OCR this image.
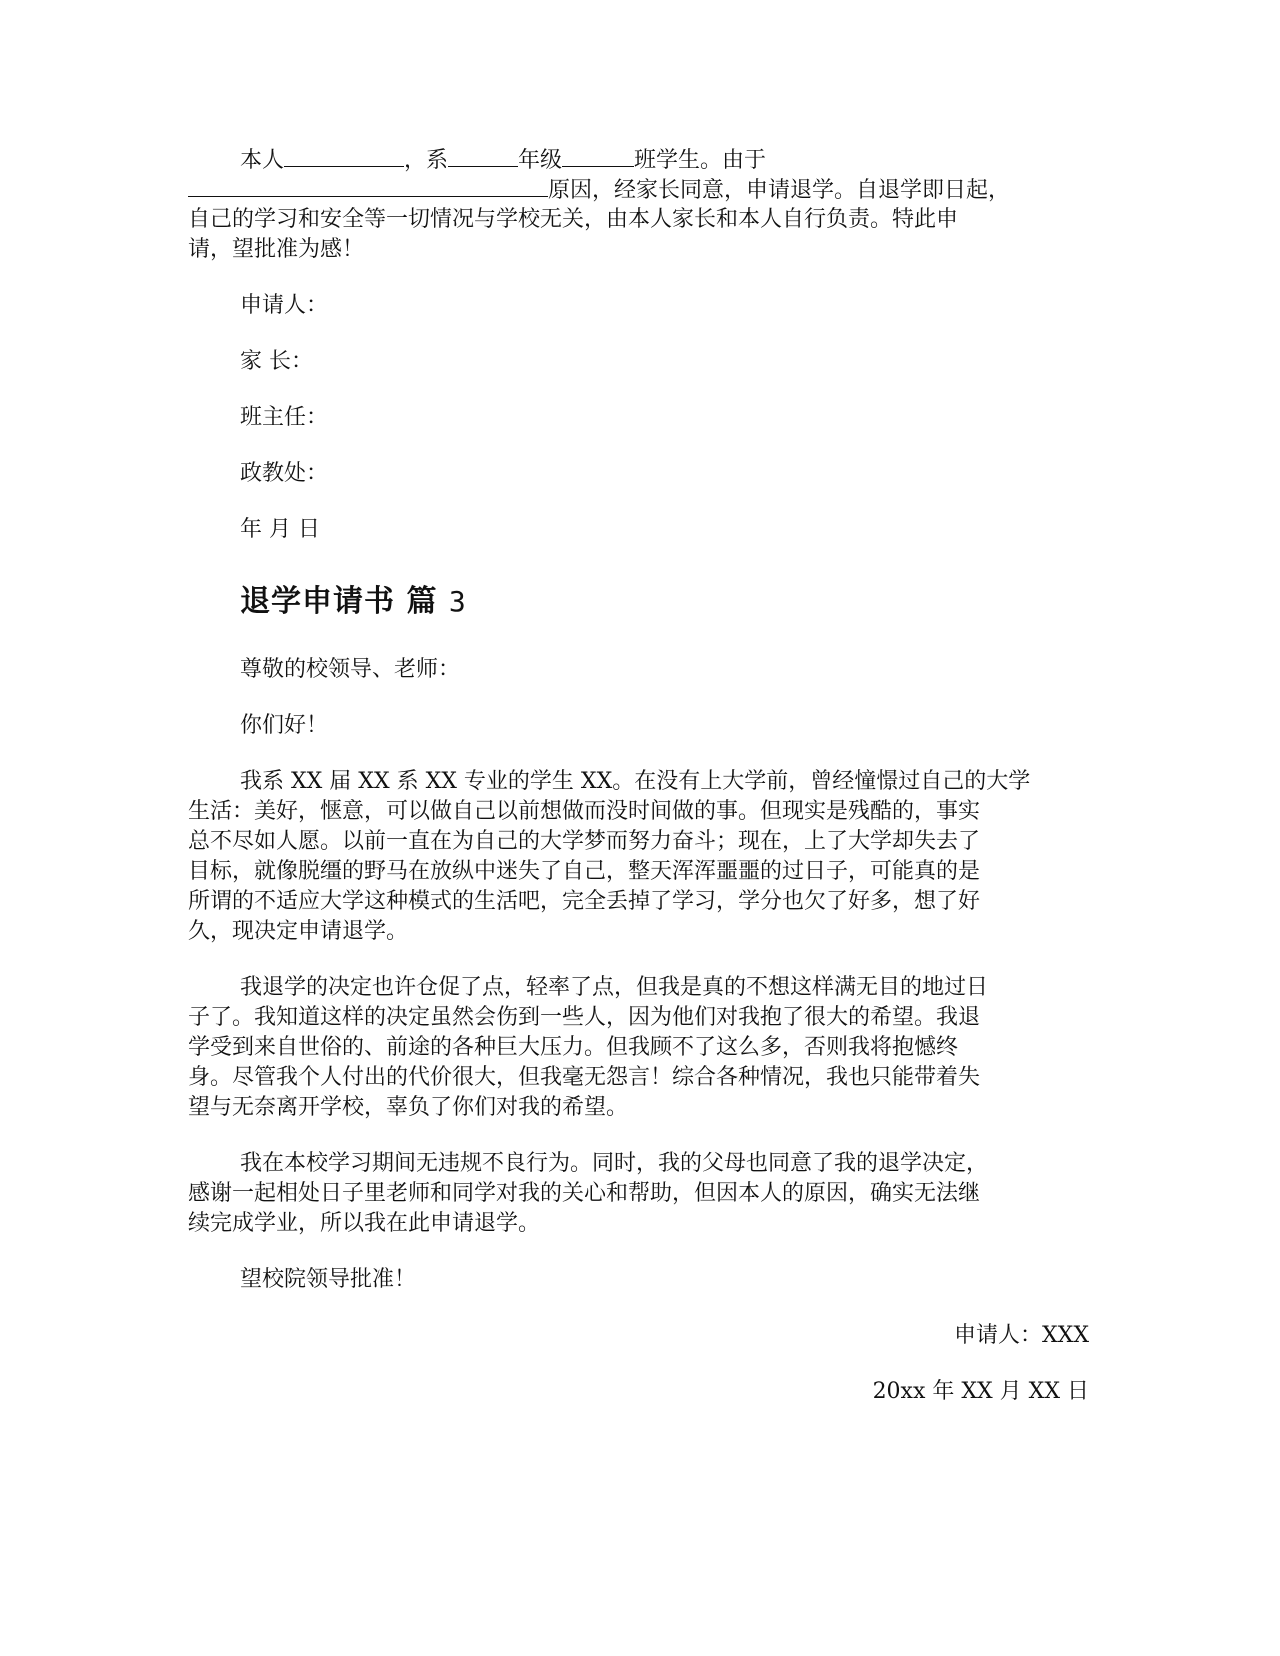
本人	，系	年级	班学生。由于
原因，经家长同意，申请退学。自退学即日起，
自己的学习和安全等一切情况与学校无关，由本人家长和本人自行负责。特此申
请，望批准为感！
申请人：
家 长：
班主任：
政教处：
年 月 日
退学申请书 篇 3
尊敬的校领导、老师：
你们好！
我系 XX 届 XX 系 XX 专业的学生 XX。在没有上大学前，曾经憧憬过自己的大学
生活：美好，惬意，可以做自己以前想做而没时间做的事。但现实是残酷的，事实
总不尽如人愿。以前一直在为自己的大学梦而努力奋斗；现在，上了大学却失去了
目标，就像脱缰的野马在放纵中迷失了自己，整天浑浑噩噩的过日子，可能真的是
所谓的不适应大学这种模式的生活吧，完全丢掉了学习，学分也欠了好多，想了好
久，现决定申请退学。
我退学的决定也许仓促了点，轻率了点，但我是真的不想这样满无目的地过日
子了。我知道这样的决定虽然会伤到一些人，因为他们对我抱了很大的希望。我退
学受到来自世俗的、前途的各种巨大压力。但我顾不了这么多，否则我将抱憾终
身。尽管我个人付出的代价很大，但我毫无怨言！综合各种情况，我也只能带着失
望与无奈离开学校，辜负了你们对我的希望。
我在本校学习期间无违规不良行为。同时，我的父母也同意了我的退学决定，
感谢一起相处日子里老师和同学对我的关心和帮助，但因本人的原因，确实无法继
续完成学业，所以我在此申请退学。
望校院领导批准！
申请人：XXX
20xx 年 XX 月 XX 日
